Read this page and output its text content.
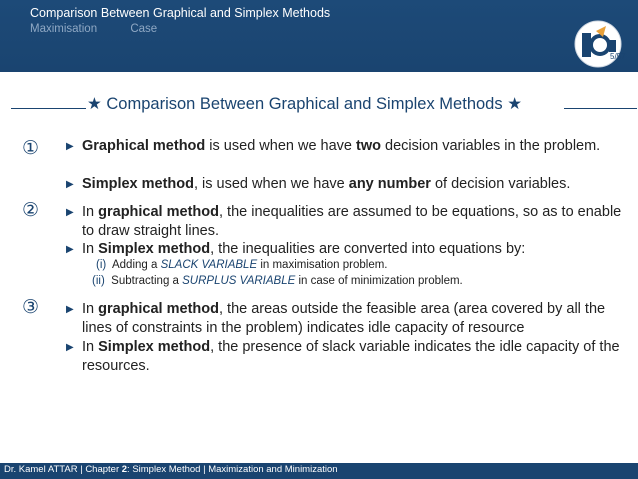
Comparison Between Graphical and Simplex Methods
Maximisation	Case
5/57
★ Comparison Between Graphical and Simplex Methods ★
①	▶ Graphical method is used when we have two decision variables in the problem.
▶ Simplex method, is used when we have any number of decision variables.
②	▶ In graphical method, the inequalities are assumed to be equations, so as to enable to draw straight lines.
▶ In Simplex method, the inequalities are converted into equations by:
(i) Adding a SLACK VARIABLE in maximisation problem.
(ii) Subtracting a SURPLUS VARIABLE in case of minimization problem.
③	▶ In graphical method, the areas outside the feasible area (area covered by all the lines of constraints in the problem) indicates idle capacity of resource
▶ In Simplex method, the presence of slack variable indicates the idle capacity of the resources.
Dr. Kamel ATTAR | Chapter 2: Simplex Method | Maximization and Minimization
